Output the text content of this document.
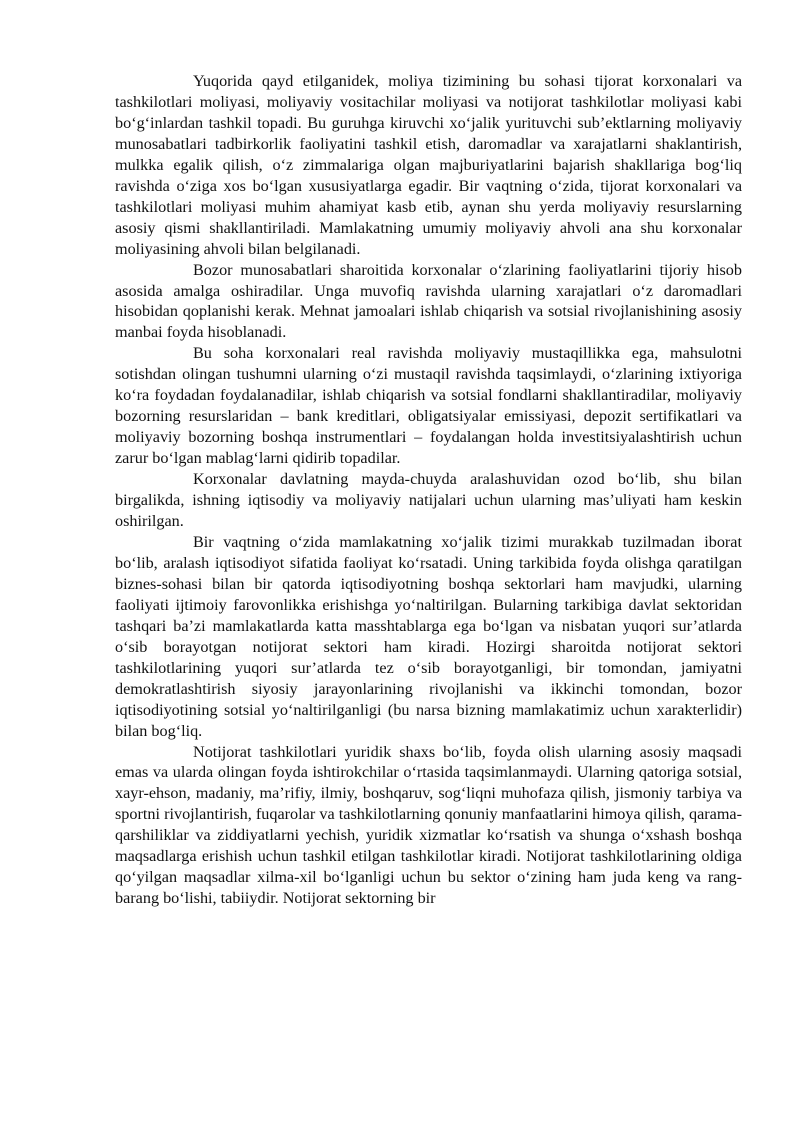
Yuqorida qayd etilganidek, moliya tizimining bu sohasi tijorat korxonalari va tashkilotlari moliyasi, moliyaviy vositachilar moliyasi va notijorat tashkilotlar moliyasi kabi bo‘g‘inlardan tashkil topadi. Bu guruhga kiruvchi xo‘jalik yurituvchi sub’ektlarning moliyaviy munosabatlari tadbirkorlik faoliyatini tashkil etish, daromadlar va xarajatlarni shaklantirish, mulkka egalik qilish, o‘z zimmalariga olgan majburiyatlarini bajarish shakllariga bog‘liq ravishda o‘ziga xos bo‘lgan xususiyatlarga egadir. Bir vaqtning o‘zida, tijorat korxonalari va tashkilotlari moliyasi muhim ahamiyat kasb etib, aynan shu yerda moliyaviy resurslarning asosiy qismi shakllantiriladi. Mamlakatning umumiy moliyaviy ahvoli ana shu korxonalar moliyasining ahvoli bilan belgilanadi.

Bozor munosabatlari sharoitida korxonalar o‘zlarining faoliyatlarini tijoriy hisob asosida amalga oshiradilar. Unga muvofiq ravishda ularning xarajatlari o‘z daromadlari hisobidan qoplanishi kerak. Mehnat jamoalari ishlab chiqarish va sotsial rivojlanishining asosiy manbai foyda hisoblanadi.

Bu soha korxonalari real ravishda moliyaviy mustaqillikka ega, mahsulotni sotishdan olingan tushumni ularning o‘zi mustaqil ravishda taqsimlaydi, o‘zlarining ixtiyoriga ko‘ra foydadan foydalanadilar, ishlab chiqarish va sotsial fondlarni shakllantiradilar, moliyaviy bozorning resurslaridan – bank kreditlari, obligatsiyalar emissiyasi, depozit sertifikatlari va moliyaviy bozorning boshqa instrumentlari – foydalangan holda investitsiyalashtirish uchun zarur bo‘lgan mablag‘larni qidirib topadilar.

Korxonalar davlatning mayda-chuyda aralashuvidan ozod bo‘lib, shu bilan birgalikda, ishning iqtisodiy va moliyaviy natijalari uchun ularning mas’uliyati ham keskin oshirilgan.

Bir vaqtning o‘zida mamlakatning xo‘jalik tizimi murakkab tuzilmadan iborat bo‘lib, aralash iqtisodiyot sifatida faoliyat ko‘rsatadi. Uning tarkibida foyda olishga qaratilgan biznes-sohasi bilan bir qatorda iqtisodiyotning boshqa sektorlari ham mavjudki, ularning faoliyati ijtimoiy farovonlikka erishishga yo‘naltirilgan. Bularning tarkibiga davlat sektoridan tashqari ba’zi mamlakatlarda katta masshtablarga ega bo‘lgan va nisbatan yuqori sur’atlarda o‘sib borayotgan notijorat sektori ham kiradi. Hozirgi sharoitda notijorat sektori tashkilotlarining yuqori sur’atlarda tez o‘sib borayotganligi, bir tomondan, jamiyatni demokratlashtirish siyosiy jarayonlarining rivojlanishi va ikkinchi tomondan, bozor iqtisodiyotining sotsial yo‘naltirilganligi (bu narsa bizning mamlakatimiz uchun xarakterlidir) bilan bog‘liq.

Notijorat tashkilotlari yuridik shaxs bo‘lib, foyda olish ularning asosiy maqsadi emas va ularda olingan foyda ishtirokchilar o‘rtasida taqsimlanmaydi. Ularning qatoriga sotsial, xayr-ehson, madaniy, ma’rifiy, ilmiy, boshqaruv, sog‘liqni muhofaza qilish, jismoniy tarbiya va sportni rivojlantirish, fuqarolar va tashkilotlarning qonuniy manfaatlarini himoya qilish, qarama-qarshiliklar va ziddiyatlarni yechish, yuridik xizmatlar ko‘rsatish va shunga o‘xshash boshqa maqsadlarga erishish uchun tashkil etilgan tashkilotlar kiradi. Notijorat tashkilotlarining oldiga qo‘yilgan maqsadlar xilma-xil bo‘lganligi uchun bu sektor o‘zining ham juda keng va rang-barang bo‘lishi, tabiiydir. Notijorat sektorning bir
